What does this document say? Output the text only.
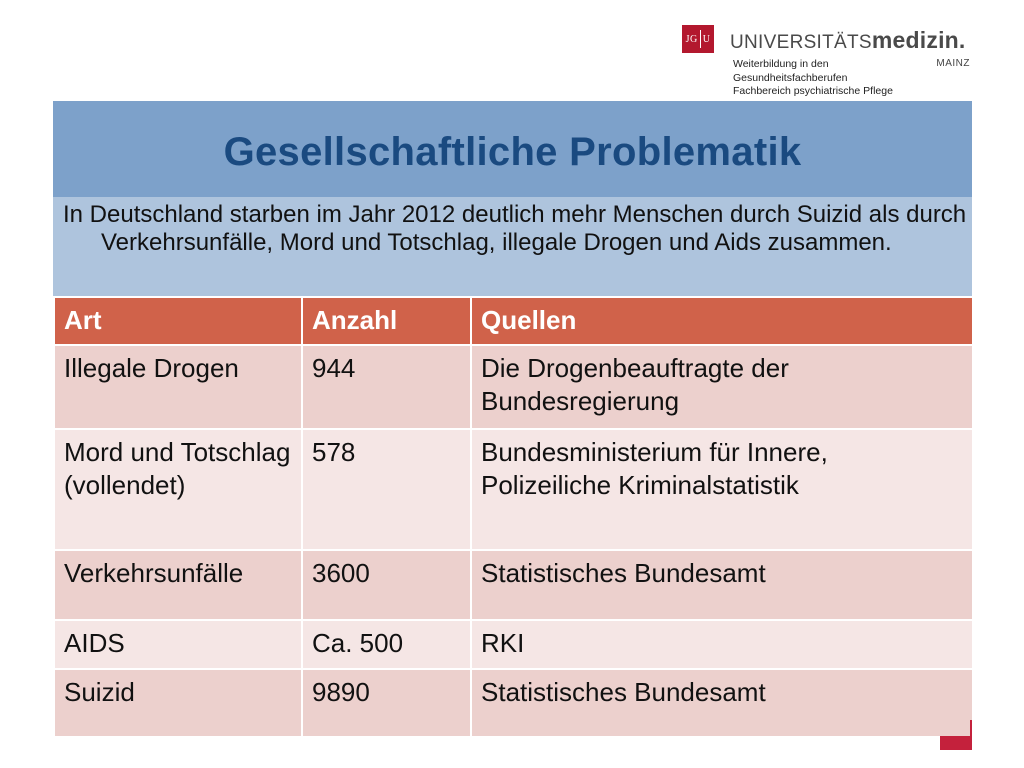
JG U UNIVERSITÄTSmedizin.
Weiterbildung in den
Gesundheitsfachberufen
Fachbereich psychiatrische Pflege
MAINZ
Gesellschaftliche Problematik
In Deutschland starben im Jahr 2012 deutlich mehr Menschen durch Suizid als durch Verkehrsunfälle, Mord und Totschlag, illegale Drogen und Aids zusammen.
Art	Anzahl	Quellen
Illegale Drogen	944	Die Drogenbeauftragte der Bundesregierung
Mord und Totschlag (vollendet)	578	Bundesministerium für Innere, Polizeiliche Kriminalstatistik
Verkehrsunfälle	3600	Statistisches Bundesamt
AIDS	Ca. 500	RKI
Suizid	9890	Statistisches Bundesamt
